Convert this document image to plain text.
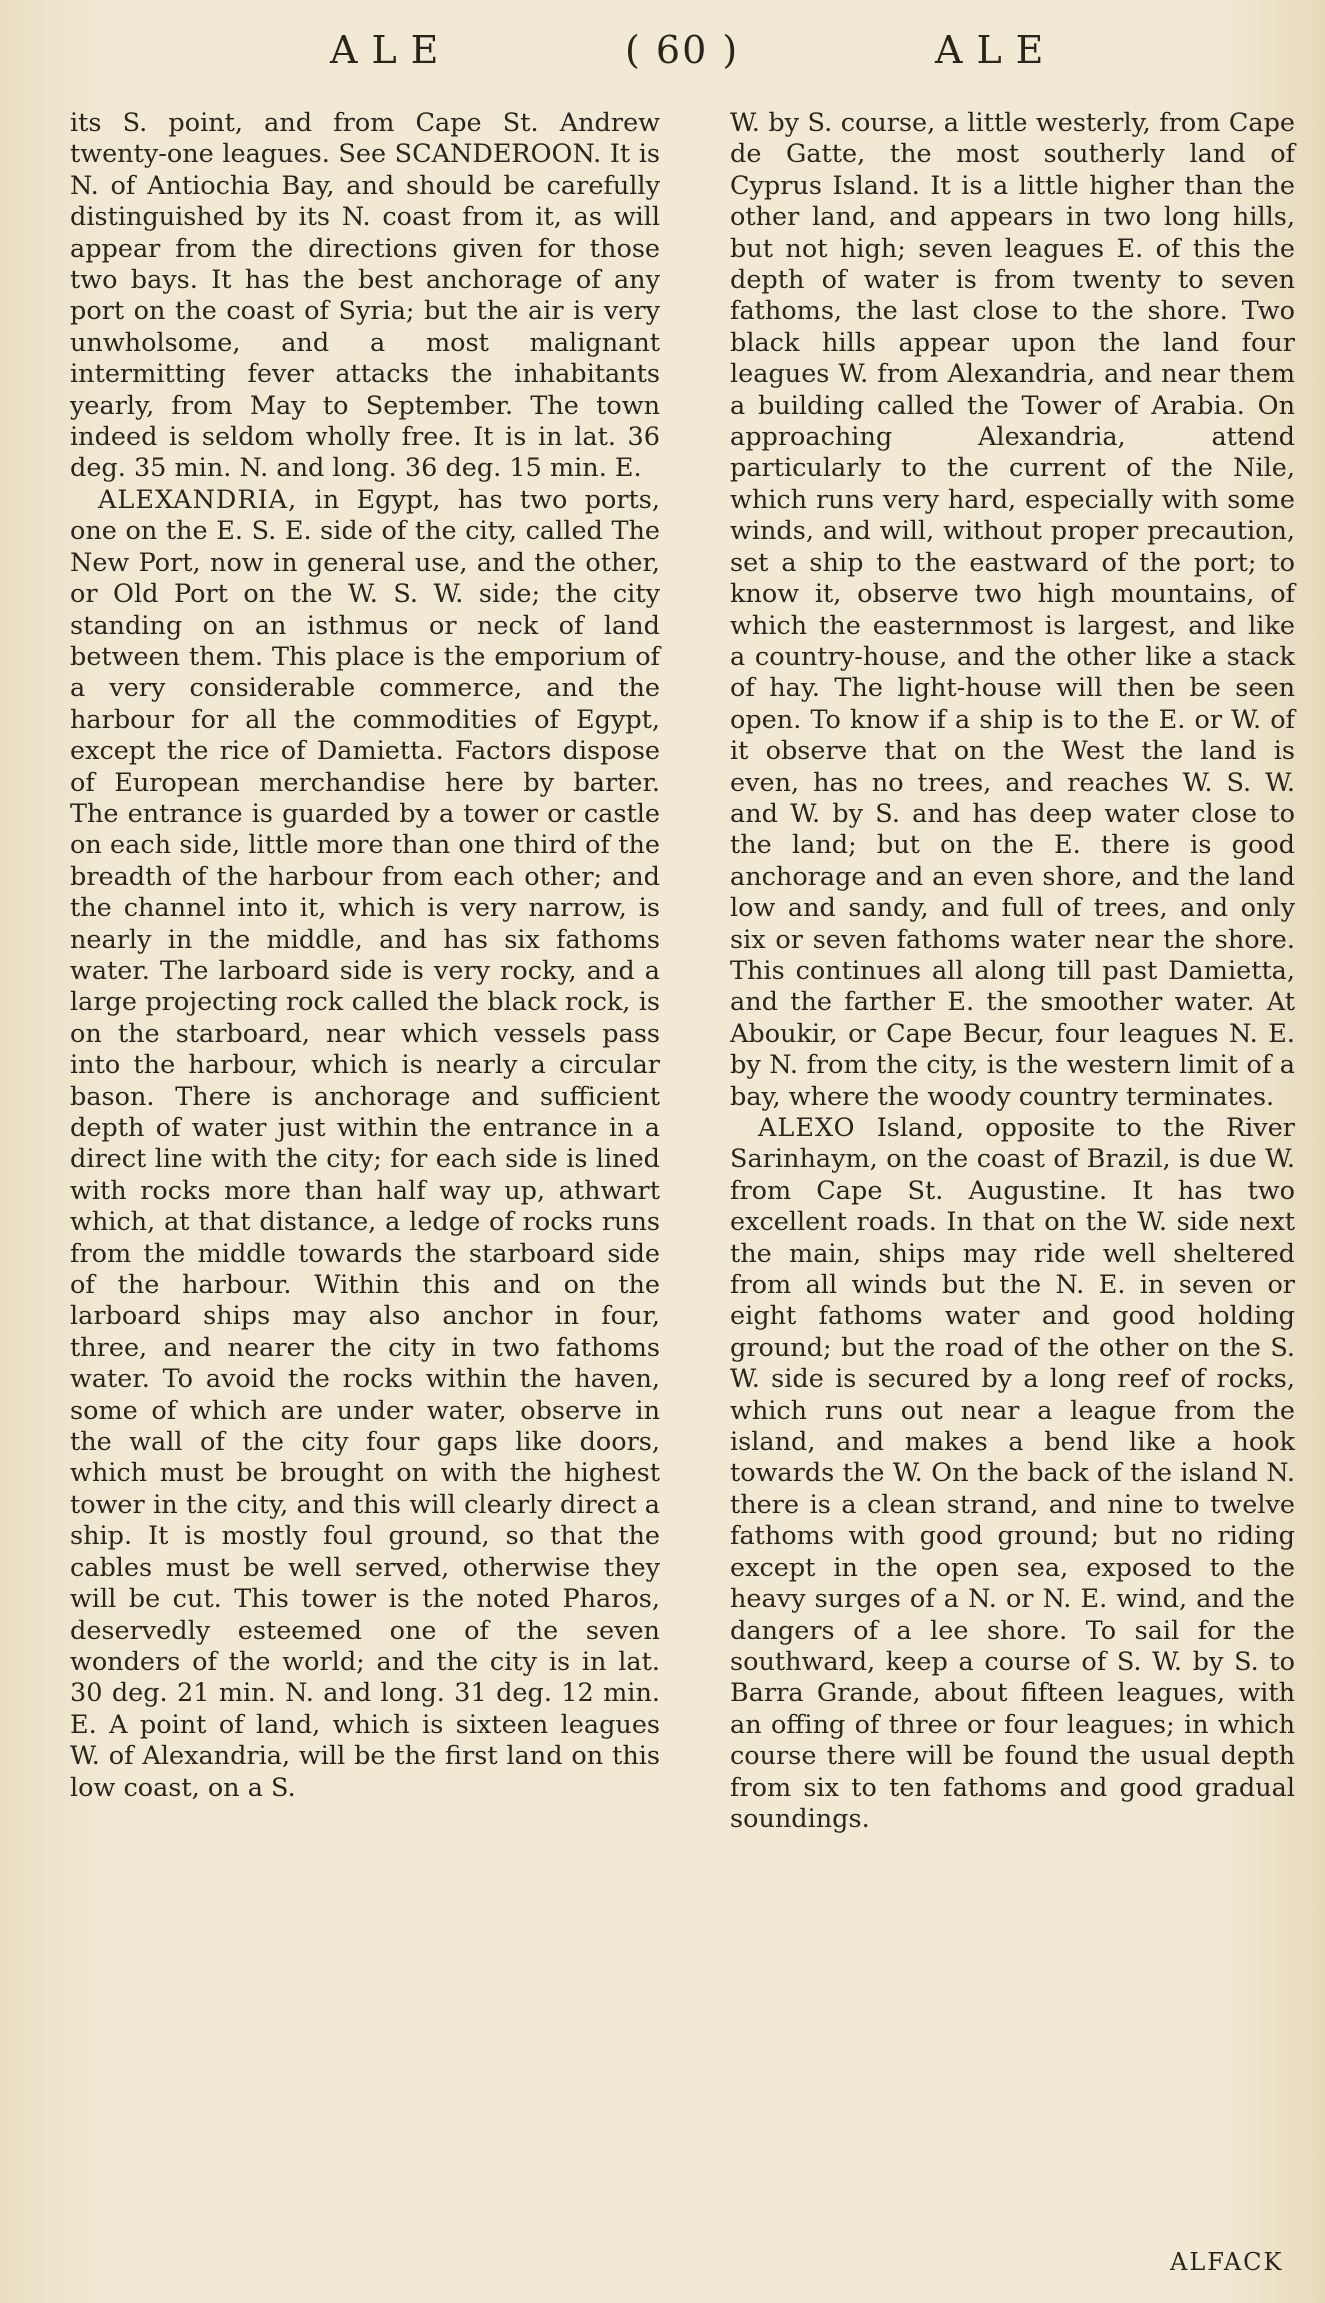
ALE	( 60 )	ALE

its S. point, and from Cape St. Andrew twenty-one leagues. See SCANDEROON. It is N. of Antiochia Bay, and should be carefully distinguished by its N. coast from it, as will appear from the directions given for those two bays. It has the best anchorage of any port on the coast of Syria; but the air is very unwholsome, and a most malignant intermitting fever attacks the inhabitants yearly, from May to September. The town indeed is seldom wholly free. It is in lat. 36 deg. 35 min. N. and long. 36 deg. 15 min. E.

ALEXANDRIA, in Egypt, has two ports, one on the E. S. E. side of the city, called The New Port, now in general use, and the other, or Old Port on the W. S. W. side; the city standing on an isthmus or neck of land between them. This place is the emporium of a very considerable commerce, and the harbour for all the commodities of Egypt, except the rice of Damietta. Factors dispose of European merchandise here by barter. The entrance is guarded by a tower or castle on each side, little more than one third of the breadth of the harbour from each other; and the channel into it, which is very narrow, is nearly in the middle, and has six fathoms water. The larboard side is very rocky, and a large projecting rock called the black rock, is on the starboard, near which vessels pass into the harbour, which is nearly a circular bason. There is anchorage and sufficient depth of water just within the entrance in a direct line with the city; for each side is lined with rocks more than half way up, athwart which, at that distance, a ledge of rocks runs from the middle towards the starboard side of the harbour. Within this and on the larboard ships may also anchor in four, three, and nearer the city in two fathoms water. To avoid the rocks within the haven, some of which are under water, observe in the wall of the city four gaps like doors, which must be brought on with the highest tower in the city, and this will clearly direct a ship. It is mostly foul ground, so that the cables must be well served, otherwise they will be cut. This tower is the noted Pharos, deservedly esteemed one of the seven wonders of the world; and the city is in lat. 30 deg. 21 min. N. and long. 31 deg. 12 min. E. A point of land, which is sixteen leagues W. of Alexandria, will be the first land on this low coast, on a S.

W. by S. course, a little westerly, from Cape de Gatte, the most southerly land of Cyprus Island. It is a little higher than the other land, and appears in two long hills, but not high; seven leagues E. of this the depth of water is from twenty to seven fathoms, the last close to the shore. Two black hills appear upon the land four leagues W. from Alexandria, and near them a building called the Tower of Arabia. On approaching Alexandria, attend particularly to the current of the Nile, which runs very hard, especially with some winds, and will, without proper precaution, set a ship to the eastward of the port; to know it, observe two high mountains, of which the easternmost is largest, and like a country-house, and the other like a stack of hay. The light-house will then be seen open. To know if a ship is to the E. or W. of it observe that on the West the land is even, has no trees, and reaches W. S. W. and W. by S. and has deep water close to the land; but on the E. there is good anchorage and an even shore, and the land low and sandy, and full of trees, and only six or seven fathoms water near the shore. This continues all along till past Damietta, and the farther E. the smoother water. At Aboukir, or Cape Becur, four leagues N. E. by N. from the city, is the western limit of a bay, where the woody country terminates.

ALEXO Island, opposite to the River Sarinhaym, on the coast of Brazil, is due W. from Cape St. Augustine. It has two excellent roads. In that on the W. side next the main, ships may ride well sheltered from all winds but the N. E. in seven or eight fathoms water and good holding ground; but the road of the other on the S. W. side is secured by a long reef of rocks, which runs out near a league from the island, and makes a bend like a hook towards the W. On the back of the island N. there is a clean strand, and nine to twelve fathoms with good ground; but no riding except in the open sea, exposed to the heavy surges of a N. or N. E. wind, and the dangers of a lee shore. To sail for the southward, keep a course of S. W. by S. to Barra Grande, about fifteen leagues, with an offing of three or four leagues; in which course there will be found the usual depth from six to ten fathoms and good gradual soundings.

ALFACK
